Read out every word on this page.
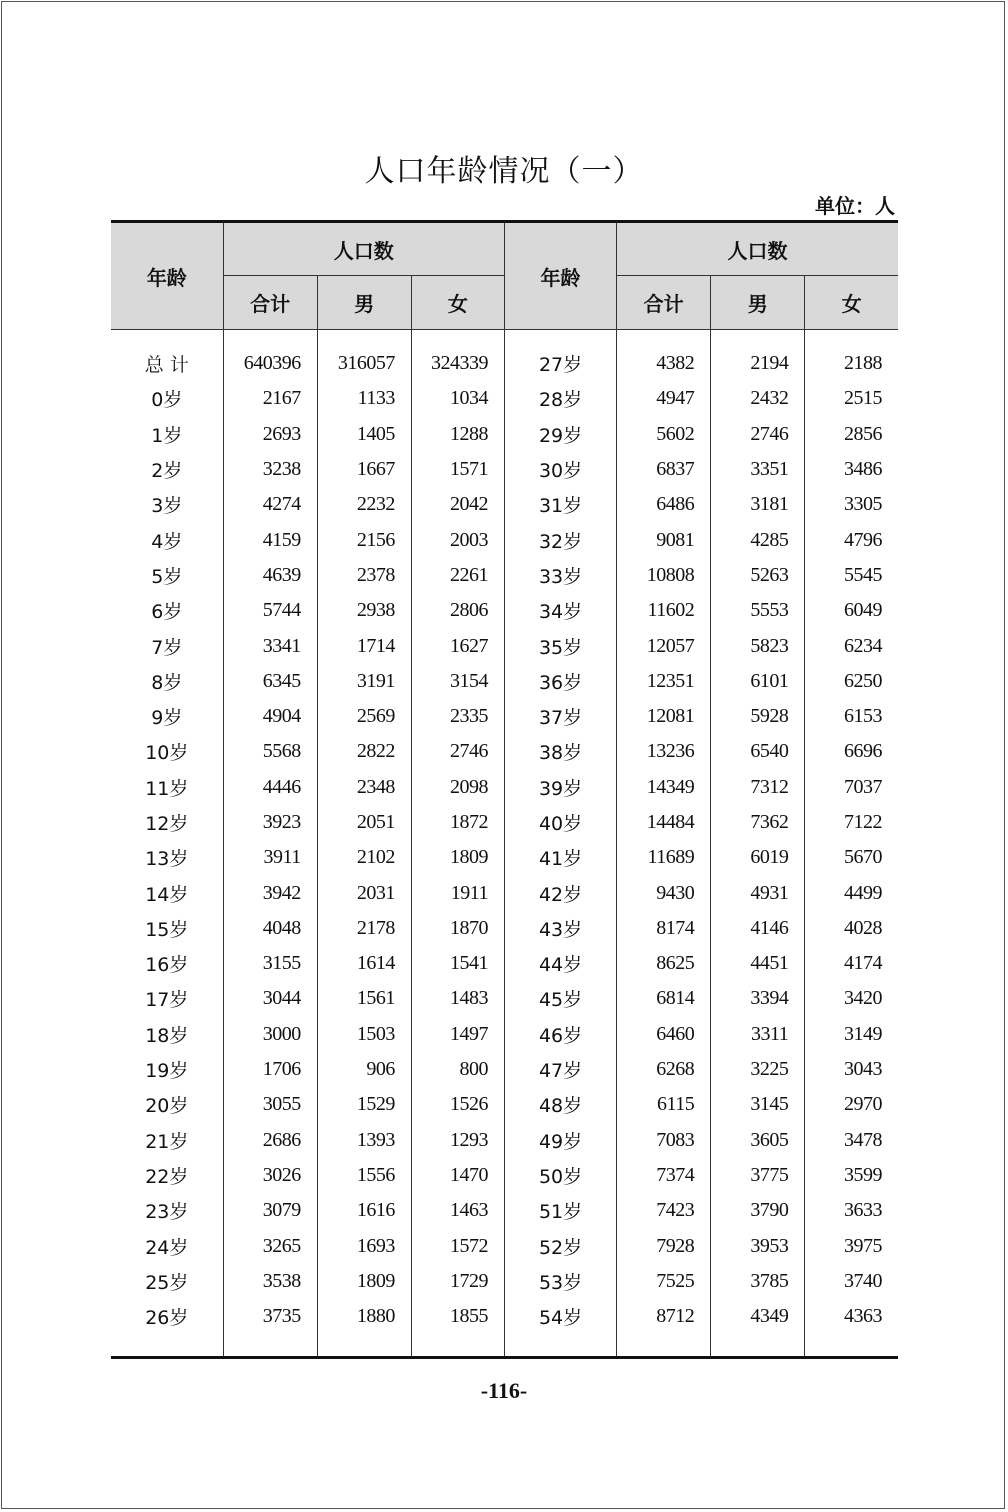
人口年龄情况（一）
单位：人
年龄	人口数			年龄	人口数		
	合计	男	女		合计	男	女

总 计	640396	316057	324339	27岁	4382	2194	2188
0岁	2167	1133	1034	28岁	4947	2432	2515
1岁	2693	1405	1288	29岁	5602	2746	2856
2岁	3238	1667	1571	30岁	6837	3351	3486
3岁	4274	2232	2042	31岁	6486	3181	3305
4岁	4159	2156	2003	32岁	9081	4285	4796
5岁	4639	2378	2261	33岁	10808	5263	5545
6岁	5744	2938	2806	34岁	11602	5553	6049
7岁	3341	1714	1627	35岁	12057	5823	6234
8岁	6345	3191	3154	36岁	12351	6101	6250
9岁	4904	2569	2335	37岁	12081	5928	6153
10岁	5568	2822	2746	38岁	13236	6540	6696
11岁	4446	2348	2098	39岁	14349	7312	7037
12岁	3923	2051	1872	40岁	14484	7362	7122
13岁	3911	2102	1809	41岁	11689	6019	5670
14岁	3942	2031	1911	42岁	9430	4931	4499
15岁	4048	2178	1870	43岁	8174	4146	4028
16岁	3155	1614	1541	44岁	8625	4451	4174
17岁	3044	1561	1483	45岁	6814	3394	3420
18岁	3000	1503	1497	46岁	6460	3311	3149
19岁	1706	906	800	47岁	6268	3225	3043
20岁	3055	1529	1526	48岁	6115	3145	2970
21岁	2686	1393	1293	49岁	7083	3605	3478
22岁	3026	1556	1470	50岁	7374	3775	3599
23岁	3079	1616	1463	51岁	7423	3790	3633
24岁	3265	1693	1572	52岁	7928	3953	3975
25岁	3538	1809	1729	53岁	7525	3785	3740
26岁	3735	1880	1855	54岁	8712	4349	4363

-116-
